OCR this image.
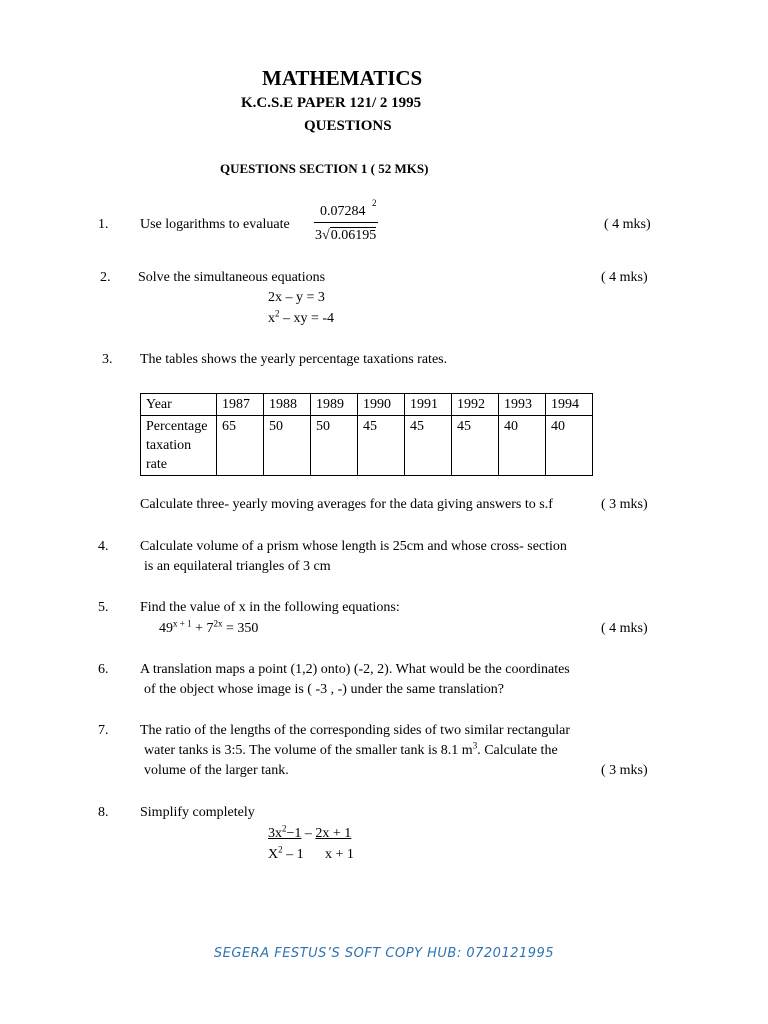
MATHEMATICS
K.C.S.E PAPER 121/ 2 1995
QUESTIONS
QUESTIONS SECTION 1 ( 52 MKS)
1. Use logarithms to evaluate
0.07284 $^2$
3√0.06195
( 4 mks)
2. Solve the simultaneous equations	( 4 mks)
2x – y = 3
$x^2$ – xy = -4
3. The tables shows the yearly percentage taxations rates.
Year	1987	1988	1989	1990	1991	1992	1993	1994

Percentage
taxation
rate	65	50	50	45	45	45	40	40
Calculate three- yearly moving averages for the data giving answers to s.f	( 3 mks)
4. Calculate volume of a prism whose length is 25cm and whose cross- section
is an equilateral triangles of 3 cm
5. Find the value of x in the following equations:
$49^{x + 1} + 7^{2x} = 350$	( 4 mks)
6. A translation maps a point (1,2) onto) (-2, 2). What would be the coordinates
of the object whose image is ( -3 , -) under the same translation?
7. The ratio of the lengths of the corresponding sides of two similar rectangular
water tanks is 3:5. The volume of the smaller tank is 8.1 $m^3$. Calculate the
volume of the larger tank.	( 3 mks)
8. Simplify completely
$3x^2-1 - 2x + 1$
$X^2 - 1$ x + 1
SEGERA FESTUS’S SOFT COPY HUB: 0720121995
